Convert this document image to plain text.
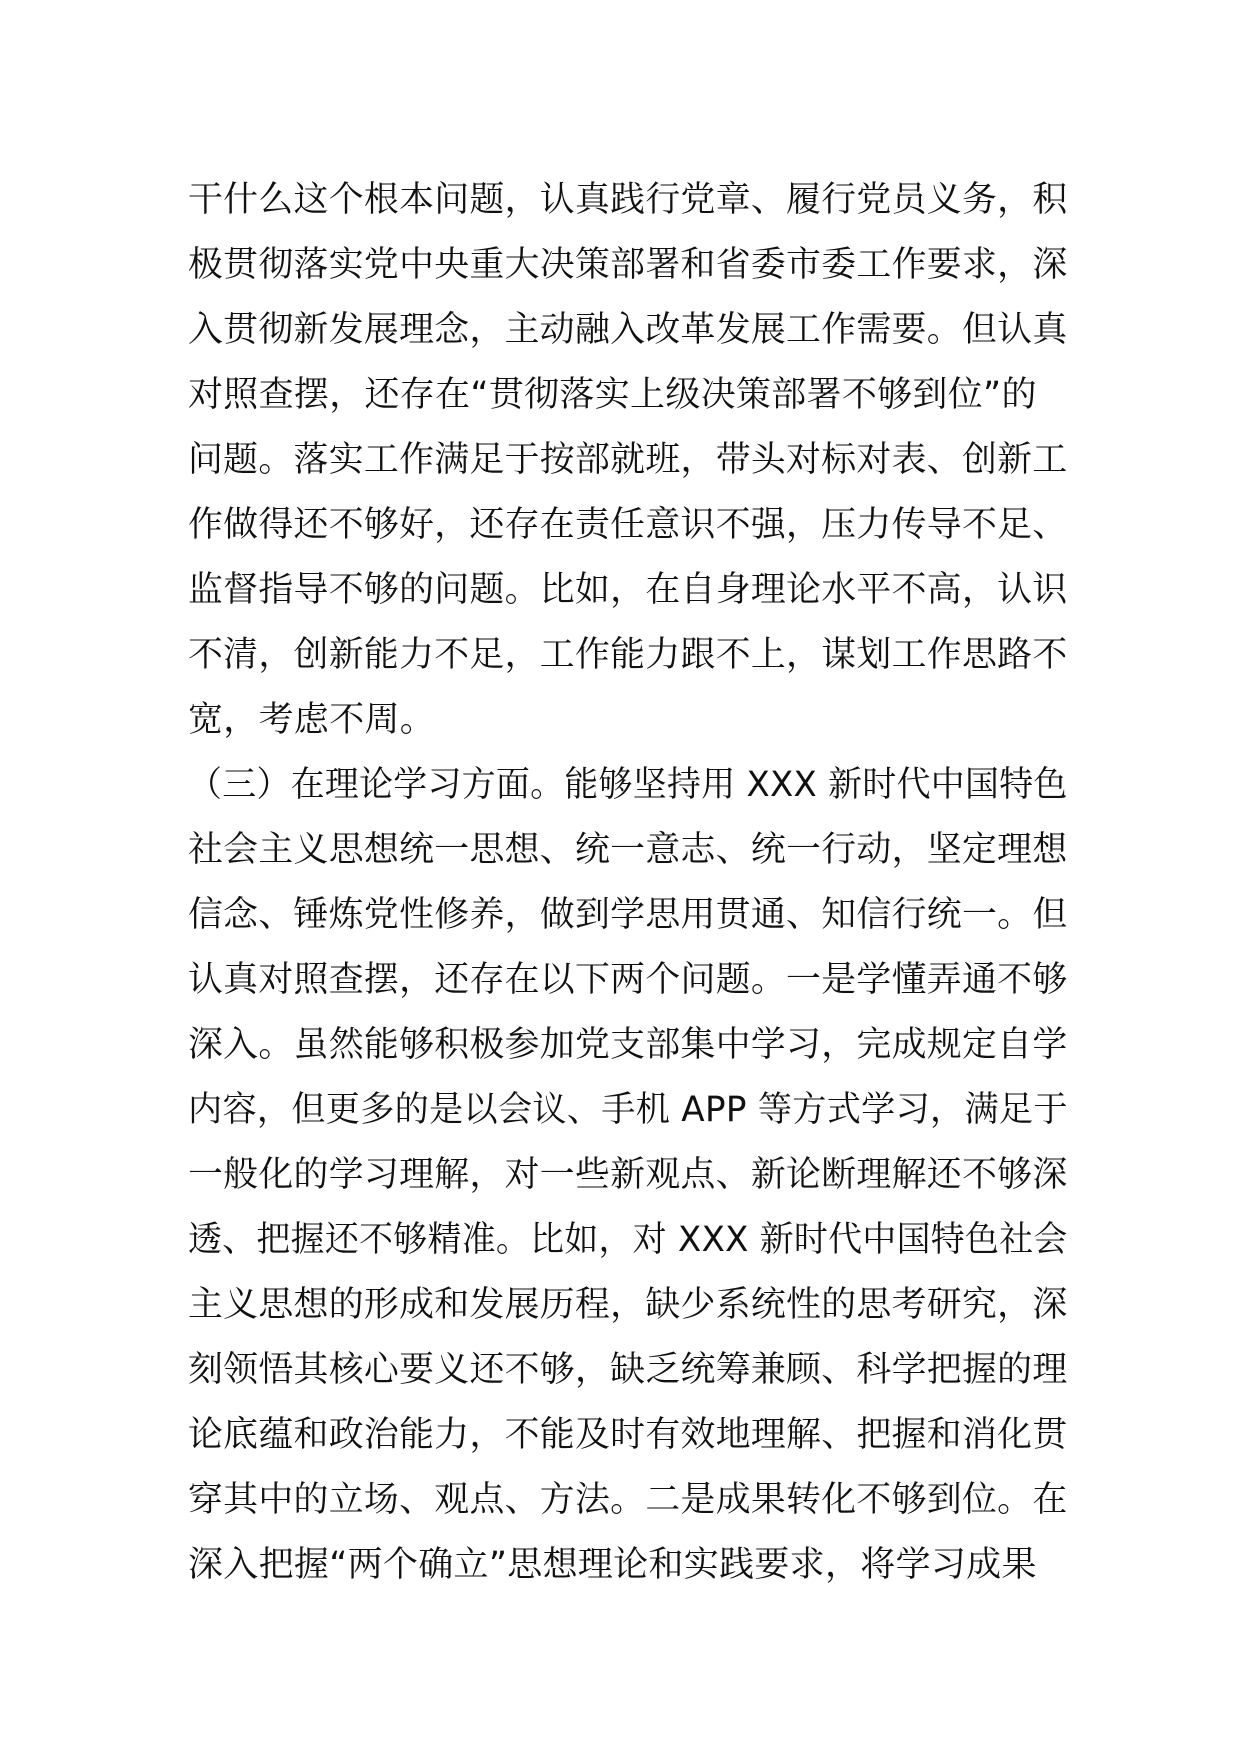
干什么这个根本问题，认真践行党章、履行党员义务，积
极贯彻落实党中央重大决策部署和省委市委工作要求，深
入贯彻新发展理念，主动融入改革发展工作需要。但认真
对照查摆，还存在“贯彻落实上级决策部署不够到位”的
问题。落实工作满足于按部就班，带头对标对表、创新工
作做得还不够好，还存在责任意识不强，压力传导不足、
监督指导不够的问题。比如，在自身理论水平不高，认识
不清，创新能力不足，工作能力跟不上，谋划工作思路不
宽，考虑不周。
（三）在理论学习方面。能够坚持用 XXX 新时代中国特色
社会主义思想统一思想、统一意志、统一行动，坚定理想
信念、锤炼党性修养，做到学思用贯通、知信行统一。但
认真对照查摆，还存在以下两个问题。一是学懂弄通不够
深入。虽然能够积极参加党支部集中学习，完成规定自学
内容，但更多的是以会议、手机 APP 等方式学习，满足于
一般化的学习理解，对一些新观点、新论断理解还不够深
透、把握还不够精准。比如，对 XXX 新时代中国特色社会
主义思想的形成和发展历程，缺少系统性的思考研究，深
刻领悟其核心要义还不够，缺乏统筹兼顾、科学把握的理
论底蕴和政治能力，不能及时有效地理解、把握和消化贯
穿其中的立场、观点、方法。二是成果转化不够到位。在
深入把握“两个确立”思想理论和实践要求，将学习成果
